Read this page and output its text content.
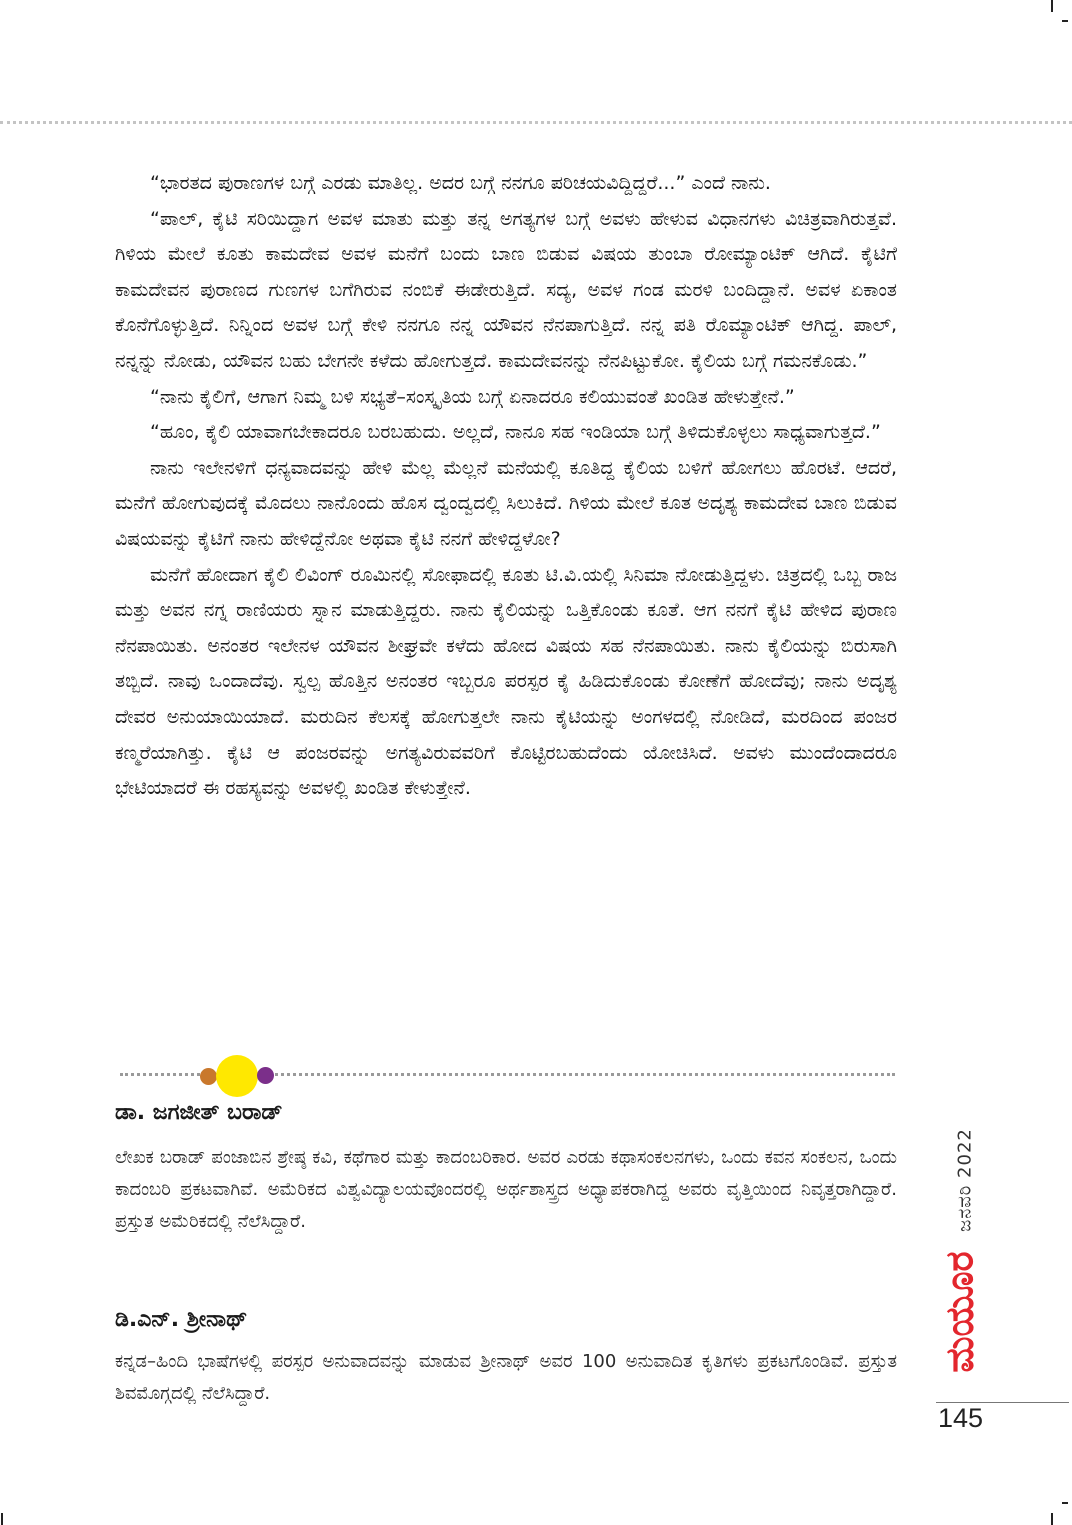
“ಭಾರತದ ಪುರಾಣಗಳ ಬಗ್ಗೆ ಎರಡು ಮಾತಿಲ್ಲ. ಅದರ ಬಗ್ಗೆ ನನಗೂ ಪರಿಚಯವಿದ್ದಿದ್ದರೆ...” ಎಂದೆ ನಾನು.

“ಪಾಲ್, ಕೈಟಿ ಸರಿಯಿದ್ದಾಗ ಅವಳ ಮಾತು ಮತ್ತು ತನ್ನ ಅಗತ್ಯಗಳ ಬಗ್ಗೆ ಅವಳು ಹೇಳುವ ವಿಧಾನಗಳು ವಿಚಿತ್ರವಾಗಿರುತ್ತವೆ. ಗಿಳಿಯ ಮೇಲೆ ಕೂತು ಕಾಮದೇವ ಅವಳ ಮನೆಗೆ ಬಂದು ಬಾಣ ಬಿಡುವ ವಿಷಯ ತುಂಬಾ ರೋಮ್ಯಾಂಟಿಕ್ ಆಗಿದೆ. ಕೈಟಿಗೆ ಕಾಮದೇವನ ಪುರಾಣದ ಗುಣಗಳ ಬಗೆಗಿರುವ ನಂಬಿಕೆ ಈಡೇರುತ್ತಿದೆ. ಸದ್ಯ, ಅವಳ ಗಂಡ ಮರಳಿ ಬಂದಿದ್ದಾನೆ. ಅವಳ ಏಕಾಂತ ಕೊನೆಗೊಳ್ಳುತ್ತಿದೆ. ನಿನ್ನಿಂದ ಅವಳ ಬಗ್ಗೆ ಕೇಳಿ ನನಗೂ ನನ್ನ ಯೌವನ ನೆನಪಾಗುತ್ತಿದೆ. ನನ್ನ ಪತಿ ರೊಮ್ಯಾಂಟಿಕ್ ಆಗಿದ್ದ. ಪಾಲ್, ನನ್ನನ್ನು ನೋಡು, ಯೌವನ ಬಹು ಬೇಗನೇ ಕಳೆದು ಹೋಗುತ್ತದೆ. ಕಾಮದೇವನನ್ನು ನೆನಪಿಟ್ಟುಕೋ. ಕೈಲಿಯ ಬಗ್ಗೆ ಗಮನಕೊಡು.”

“ನಾನು ಕೈಲಿಗೆ, ಆಗಾಗ ನಿಮ್ಮ ಬಳಿ ಸಭ್ಯತೆ–ಸಂಸ್ಕೃತಿಯ ಬಗ್ಗೆ ಏನಾದರೂ ಕಲಿಯುವಂತೆ ಖಂಡಿತ ಹೇಳುತ್ತೇನೆ.”

“ಹೂಂ, ಕೈಲಿ ಯಾವಾಗಬೇಕಾದರೂ ಬರಬಹುದು. ಅಲ್ಲದೆ, ನಾನೂ ಸಹ ಇಂಡಿಯಾ ಬಗ್ಗೆ ತಿಳಿದುಕೊಳ್ಳಲು ಸಾಧ್ಯವಾಗುತ್ತದೆ.”

ನಾನು ಇಲೇನಳಿಗೆ ಧನ್ಯವಾದವನ್ನು ಹೇಳಿ ಮೆಲ್ಲ ಮೆಲ್ಲನೆ ಮನೆಯಲ್ಲಿ ಕೂತಿದ್ದ ಕೈಲಿಯ ಬಳಿಗೆ ಹೋಗಲು ಹೊರಟೆ. ಆದರೆ, ಮನೆಗೆ ಹೋಗುವುದಕ್ಕೆ ಮೊದಲು ನಾನೊಂದು ಹೊಸ ದ್ವಂದ್ವದಲ್ಲಿ ಸಿಲುಕಿದೆ. ಗಿಳಿಯ ಮೇಲೆ ಕೂತ ಅದೃಶ್ಯ ಕಾಮದೇವ ಬಾಣ ಬಿಡುವ ವಿಷಯವನ್ನು ಕೈಟಿಗೆ ನಾನು ಹೇಳಿದ್ದೆನೋ ಅಥವಾ ಕೈಟಿ ನನಗೆ ಹೇಳಿದ್ದಳೋ?

ಮನೆಗೆ ಹೋದಾಗ ಕೈಲಿ ಲಿವಿಂಗ್ ರೂಮಿನಲ್ಲಿ ಸೋಫಾದಲ್ಲಿ ಕೂತು ಟಿ.ವಿ.ಯಲ್ಲಿ ಸಿನಿಮಾ ನೋಡುತ್ತಿದ್ದಳು. ಚಿತ್ರದಲ್ಲಿ ಒಬ್ಬ ರಾಜ ಮತ್ತು ಅವನ ನಗ್ನ ರಾಣಿಯರು ಸ್ನಾನ ಮಾಡುತ್ತಿದ್ದರು. ನಾನು ಕೈಲಿಯನ್ನು ಒತ್ತಿಕೊಂಡು ಕೂತೆ. ಆಗ ನನಗೆ ಕೈಟಿ ಹೇಳಿದ ಪುರಾಣ ನೆನಪಾಯಿತು. ಅನಂತರ ಇಲೇನಳ ಯೌವನ ಶೀಘ್ರವೇ ಕಳೆದು ಹೋದ ವಿಷಯ ಸಹ ನೆನಪಾಯಿತು. ನಾನು ಕೈಲಿಯನ್ನು ಬಿರುಸಾಗಿ ತಬ್ಬಿದೆ. ನಾವು ಒಂದಾದೆವು. ಸ್ವಲ್ಪ ಹೊತ್ತಿನ ಅನಂತರ ಇಬ್ಬರೂ ಪರಸ್ಪರ ಕೈ ಹಿಡಿದುಕೊಂಡು ಕೋಣೆಗೆ ಹೋದೆವು; ನಾನು ಅದೃಶ್ಯ ದೇವರ ಅನುಯಾಯಿಯಾದೆ. ಮರುದಿನ ಕೆಲಸಕ್ಕೆ ಹೋಗುತ್ತಲೇ ನಾನು ಕೈಟಿಯನ್ನು ಅಂಗಳದಲ್ಲಿ ನೋಡಿದೆ, ಮರದಿಂದ ಪಂಜರ ಕಣ್ಮರೆಯಾಗಿತ್ತು. ಕೈಟಿ ಆ ಪಂಜರವನ್ನು ಅಗತ್ಯವಿರುವವರಿಗೆ ಕೊಟ್ಟಿರಬಹುದೆಂದು ಯೋಚಿಸಿದೆ. ಅವಳು ಮುಂದೆಂದಾದರೂ ಭೇಟಿಯಾದರೆ ಈ ರಹಸ್ಯವನ್ನು ಅವಳಲ್ಲಿ ಖಂಡಿತ ಕೇಳುತ್ತೇನೆ.

ಡಾ. ಜಗಜೀತ್ ಬರಾಡ್
ಲೇಖಕ ಬರಾಡ್ ಪಂಜಾಬಿನ ಶ್ರೇಷ್ಠ ಕವಿ, ಕಥೆಗಾರ ಮತ್ತು ಕಾದಂಬರಿಕಾರ. ಅವರ ಎರಡು ಕಥಾಸಂಕಲನಗಳು, ಒಂದು ಕವನ ಸಂಕಲನ, ಒಂದು ಕಾದಂಬರಿ ಪ್ರಕಟವಾಗಿವೆ. ಅಮೆರಿಕದ ವಿಶ್ವವಿದ್ಯಾಲಯವೊಂದರಲ್ಲಿ ಅರ್ಥಶಾಸ್ತ್ರದ ಅಧ್ಯಾಪಕರಾಗಿದ್ದ ಅವರು ವೃತ್ತಿಯಿಂದ ನಿವೃತ್ತರಾಗಿದ್ದಾರೆ. ಪ್ರಸ್ತುತ ಅಮೆರಿಕದಲ್ಲಿ ನೆಲೆಸಿದ್ದಾರೆ.
ಡಿ.ಎನ್. ಶ್ರೀನಾಥ್
ಕನ್ನಡ–ಹಿಂದಿ ಭಾಷೆಗಳಲ್ಲಿ ಪರಸ್ಪರ ಅನುವಾದವನ್ನು ಮಾಡುವ ಶ್ರೀನಾಥ್ ಅವರ 100 ಅನುವಾದಿತ ಕೃತಿಗಳು ಪ್ರಕಟಗೊಂಡಿವೆ. ಪ್ರಸ್ತುತ ಶಿವಮೊಗ್ಗದಲ್ಲಿ ನೆಲೆಸಿದ್ದಾರೆ.
ಜನವರಿ 2022
ಮಯೂರ
145
